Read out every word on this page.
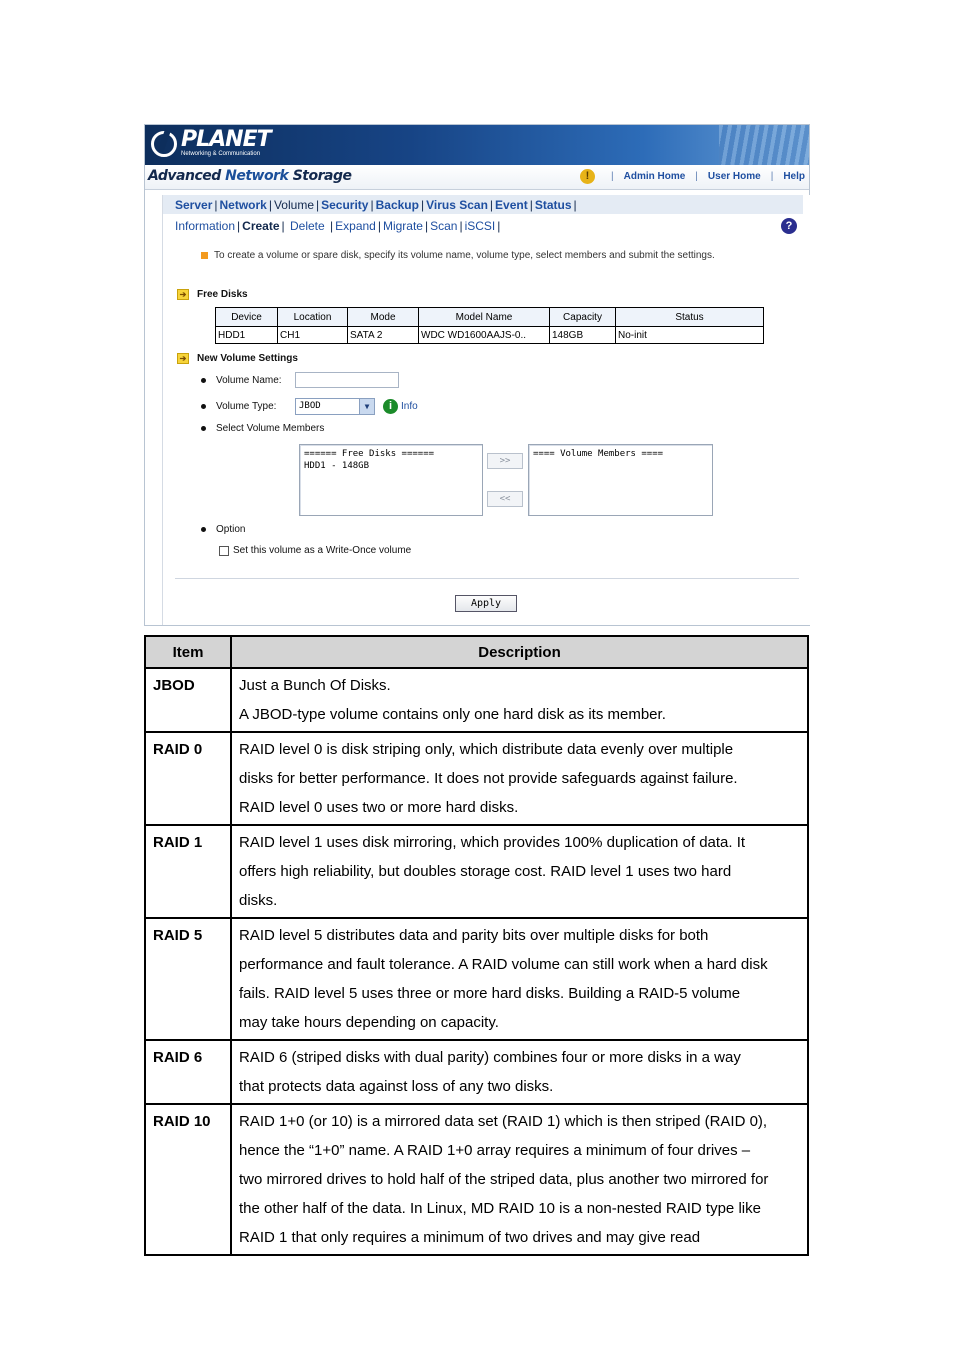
PLANET
Networking & Communication
Advanced Network Storage	!	| Admin Home | User Home | Help
Server | Network | Volume | Security | Backup | Virus Scan | Event | Status |
Information | Create |
Delete
| Expand | Migrate | Scan | iSCSI |	?
To create a volume or spare disk, specify its volume name, volume type, select members and submit the settings.
➔ Free Disks
Device	Location	Mode	Model Name	Capacity	Status
HDD1	CH1	SATA 2	WDC WD1600AAJS-0..	148GB	No-init
➔ New Volume Settings
Volume Name:
Volume Type:	JBOD	▼	i Info
Select Volume Members
====== Free Disks ======
HDD1 - 148GB	>>
<<
==== Volume Members ====
Option
Set this volume as a Write-Once volume
Apply
Item	Description
JBOD	Just a Bunch Of Disks.
A JBOD-type volume contains only one hard disk as its member.

RAID 0	RAID level 0 is disk striping only, which distribute data evenly over multiple
disks for better performance. It does not provide safeguards against failure.
RAID level 0 uses two or more hard disks.

RAID 1	RAID level 1 uses disk mirroring, which provides 100% duplication of data. It
offers high reliability, but doubles storage cost. RAID level 1 uses two hard
disks.

RAID 5	RAID level 5 distributes data and parity bits over multiple disks for both
performance and fault tolerance. A RAID volume can still work when a hard disk
fails. RAID level 5 uses three or more hard disks. Building a RAID-5 volume
may take hours depending on capacity.

RAID 6	RAID 6 (striped disks with dual parity) combines four or more disks in a way
that protects data against loss of any two disks.

RAID 10	RAID 1+0 (or 10) is a mirrored data set (RAID 1) which is then striped (RAID 0),
hence the “1+0” name. A RAID 1+0 array requires a minimum of four drives –
two mirrored drives to hold half of the striped data, plus another two mirrored for
the other half of the data. In Linux, MD RAID 10 is a non-nested RAID type like
RAID 1 that only requires a minimum of two drives and may give read
